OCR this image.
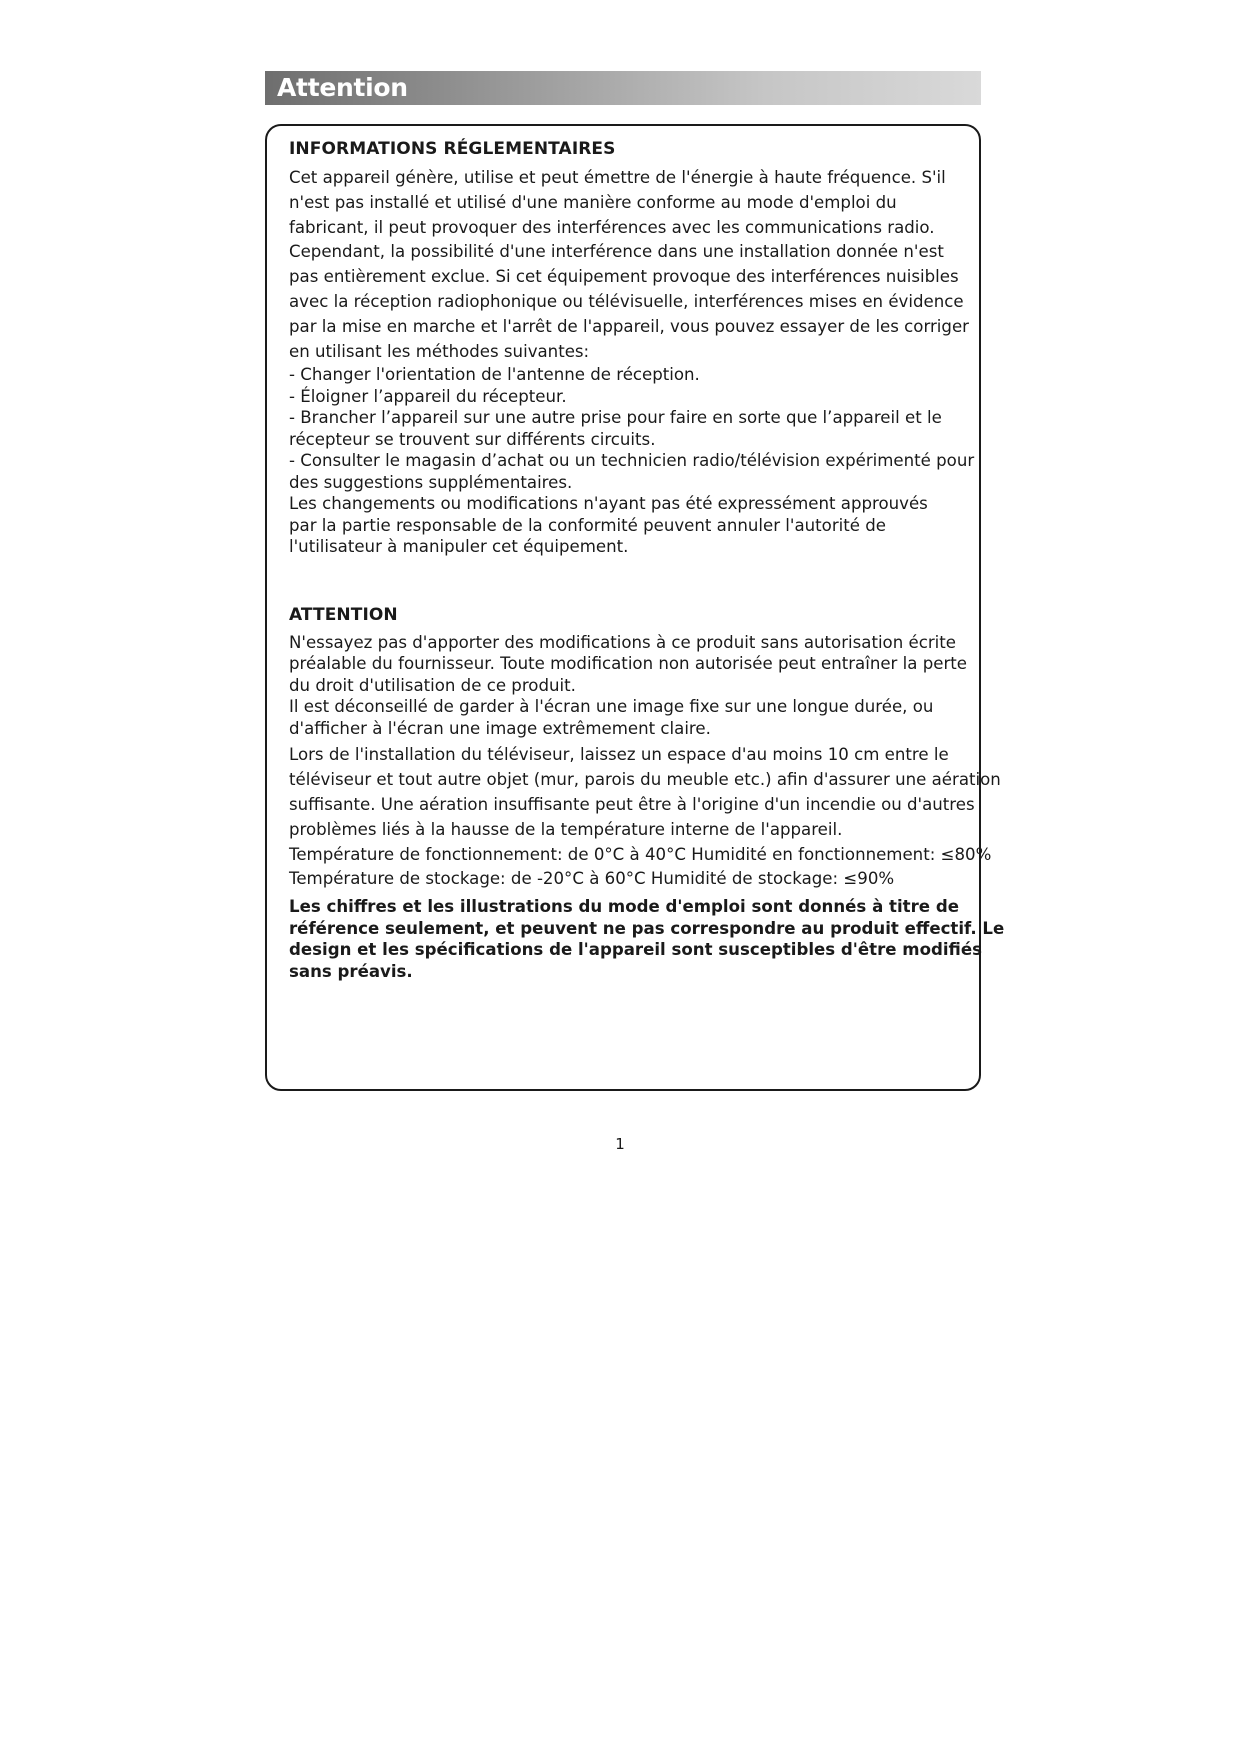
Attention
INFORMATIONS RÉGLEMENTAIRES

Cet appareil génère, utilise et peut émettre de l'énergie à haute fréquence. S'il
n'est pas installé et utilisé d'une manière conforme au mode d'emploi du
fabricant, il peut provoquer des interférences avec les communications radio.
Cependant, la possibilité d'une interférence dans une installation donnée n'est
pas entièrement exclue. Si cet équipement provoque des interférences nuisibles
avec la réception radiophonique ou télévisuelle, interférences mises en évidence
par la mise en marche et l'arrêt de l'appareil, vous pouvez essayer de les corriger
en utilisant les méthodes suivantes:

- Changer l'orientation de l'antenne de réception.
- Éloigner l’appareil du récepteur.
- Brancher l’appareil sur une autre prise pour faire en sorte que l’appareil et le
récepteur se trouvent sur différents circuits.
- Consulter le magasin d’achat ou un technicien radio/télévision expérimenté pour
des suggestions supplémentaires.
Les changements ou modifications n'ayant pas été expressément approuvés
par la partie responsable de la conformité peuvent annuler l'autorité de
l'utilisateur à manipuler cet équipement.

ATTENTION

N'essayez pas d'apporter des modifications à ce produit sans autorisation écrite
préalable du fournisseur. Toute modification non autorisée peut entraîner la perte
du droit d'utilisation de ce produit.
Il est déconseillé de garder à l'écran une image fixe sur une longue durée, ou
d'afficher à l'écran une image extrêmement claire.

Lors de l'installation du téléviseur, laissez un espace d'au moins 10 cm entre le
téléviseur et tout autre objet (mur, parois du meuble etc.) afin d'assurer une aération
suffisante. Une aération insuffisante peut être à l'origine d'un incendie ou d'autres
problèmes liés à la hausse de la température interne de l'appareil.
Température de fonctionnement: de 0°C à 40°C Humidité en fonctionnement: ≤80%
Température de stockage: de -20°C à 60°C Humidité de stockage: ≤90%

Les chiffres et les illustrations du mode d'emploi sont donnés à titre de
référence seulement, et peuvent ne pas correspondre au produit effectif. Le
design et les spécifications de l'appareil sont susceptibles d'être modifiés
sans préavis.

1
